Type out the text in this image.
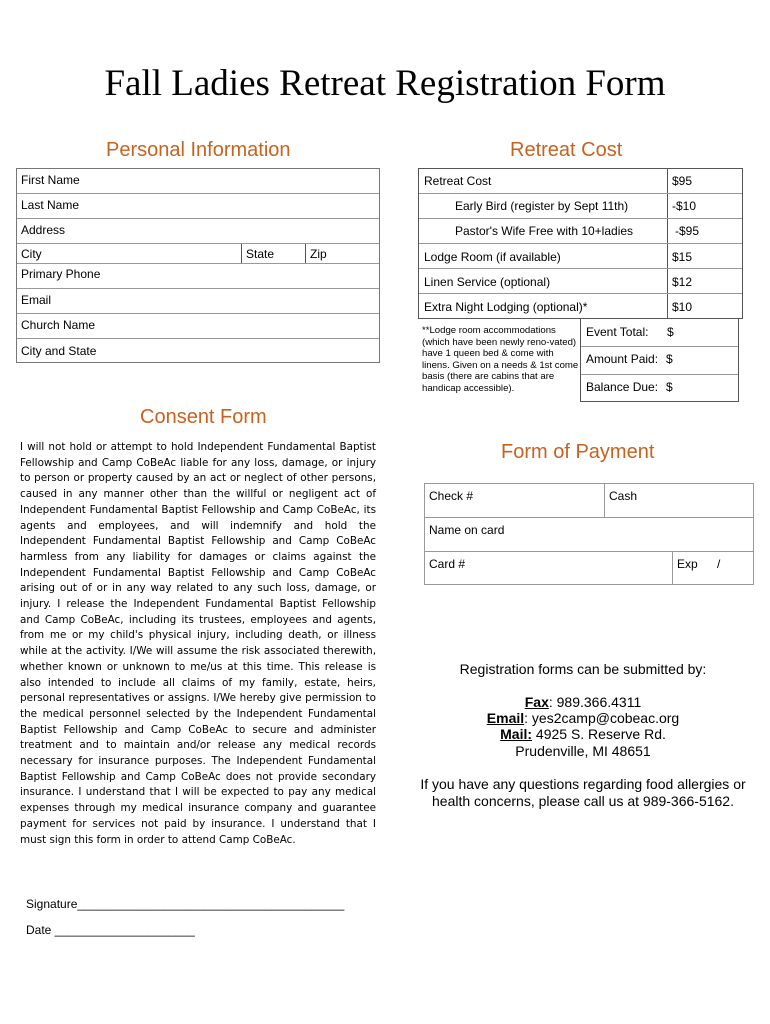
Fall Ladies Retreat Registration Form
Personal Information
First Name
Last Name
Address
City	State	Zip
Primary Phone
Email
Church Name
City and State
Retreat Cost
Retreat Cost	$95
Early Bird (register by Sept 11th)	-$10
Pastor's Wife Free with 10+ladies	-$95
Lodge Room (if available)	$15
Linen Service (optional)	$12
Extra Night Lodging (optional)*	$10
**Lodge room accommodations (which have been newly reno-vated) have 1 queen bed & come with linens. Given on a needs & 1st come basis (there are cabins that are handicap accessible).
Event Total: $
Amount Paid: $
Balance Due: $
Consent Form
I will not hold or attempt to hold Independent Fundamental Baptist Fellowship and Camp CoBeAc liable for any loss, damage, or injury to person or property caused by an act or neglect of other persons, caused in any manner other than the willful or negligent act of Independent Fundamental Baptist Fellowship and Camp CoBeAc, its agents and employees, and will indemnify and hold the Independent Fundamental Baptist Fellowship and Camp CoBeAc harmless from any liability for damages or claims against the Independent Fundamental Baptist Fellowship and Camp CoBeAc arising out of or in any way related to any such loss, damage, or injury. I release the Independent Fundamental Baptist Fellowship and Camp CoBeAc, including its trustees, employees and agents, from me or my child's physical injury, including death, or illness while at the activity. I/We will assume the risk associated therewith, whether known or unknown to me/us at this time. This release is also intended to include all claims of my family, estate, heirs, personal representatives or assigns. I/We hereby give permission to the medical personnel selected by the Independent Fundamental Baptist Fellowship and Camp CoBeAc to secure and administer treatment and to maintain and/or release any medical records necessary for insurance purposes. The Independent Fundamental Baptist Fellowship and Camp CoBeAc does not provide secondary insurance. I understand that I will be expected to pay any medical expenses through my medical insurance company and guarantee payment for services not paid by insurance. I understand that I must sign this form in order to attend Camp CoBeAc.
Signature________________________________________
Date _____________________
Form of Payment
Check #	Cash
Name on card
Card #	Exp /
Registration forms can be submitted by:
Fax: 989.366.4311
Email: yes2camp@cobeac.org
Mail: 4925 S. Reserve Rd.
Prudenville, MI 48651
If you have any questions regarding food allergies or health concerns, please call us at 989-366-5162.
